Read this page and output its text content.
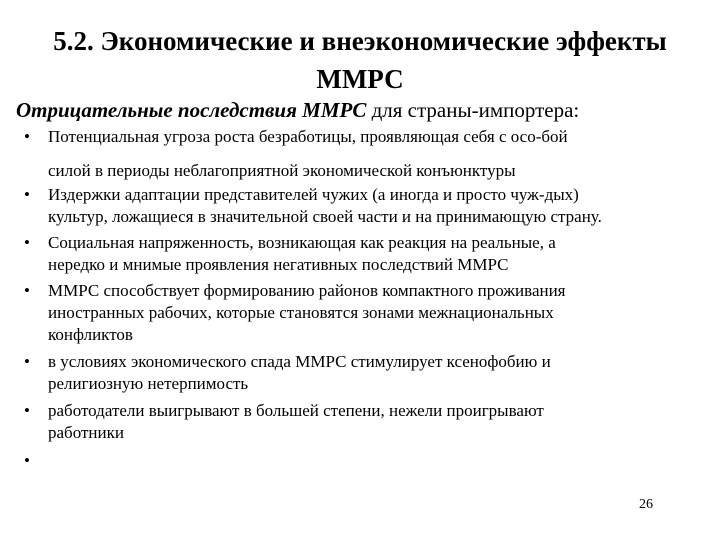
5.2. Экономические и внеэкономические эффекты
ММРС
Отрицательные последствия ММРС для страны-импортера:
• Потенциальная угроза роста безработицы, проявляющая себя с осо-бой
силой в периоды неблагоприятной экономической конъюнктуры
• Издержки адаптации представителей чужих (а иногда и просто чуж-дых)
культур, ложащиеся в значительной своей части и на принимающую страну.
• Социальная напряженность, возникающая как реакция на реальные, а
нередко и мнимые проявления негативных последствий ММРС
• ММРС способствует формированию районов компактного проживания
иностранных рабочих, которые становятся зонами межнациональных
конфликтов
• в условиях экономического спада ММРС стимулирует ксенофобию и
религиозную нетерпимость
• работодатели выигрывают в большей степени, нежели проигрывают
работники
•
26
